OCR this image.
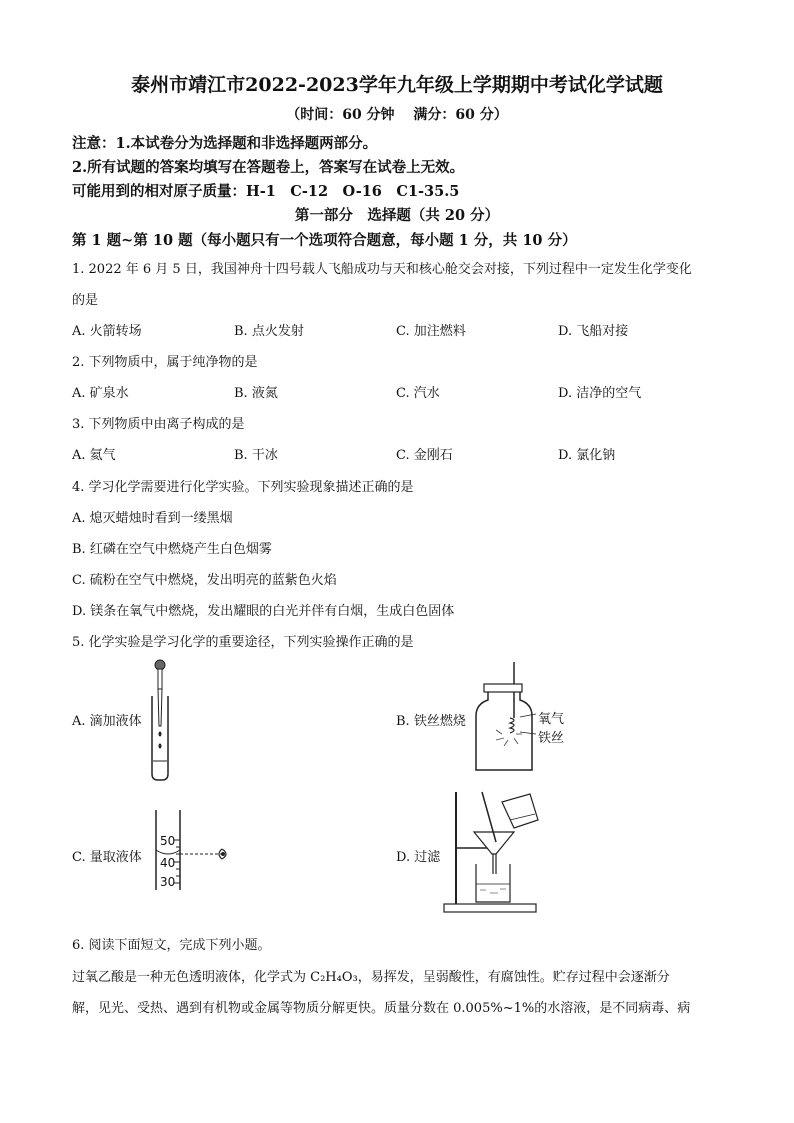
泰州市靖江市2022-2023学年九年级上学期期中考试化学试题
（时间：60 分钟　 满分：60 分）
注意：1.本试卷分为选择题和非选择题两部分。
2.所有试题的答案均填写在答题卷上，答案写在试卷上无效。
可能用到的相对原子质量：H-1　C-12　O-16　C1-35.5
第一部分　选择题（共 20 分）
第 1 题~第 10 题（每小题只有一个选项符合题意，每小题 1 分，共 10 分）
1. 2022 年 6 月 5 日，我国神舟十四号载人飞船成功与天和核心舱交会对接，下列过程中一定发生化学变化
的是
A. 火箭转场	B. 点火发射	C. 加注燃料	D. 飞船对接
2. 下列物质中，属于纯净物的是
A. 矿泉水	B. 液氮	C. 汽水	D. 洁净的空气
3. 下列物质中由离子构成的是
A. 氦气	B. 干冰	C. 金刚石	D. 氯化钠
4. 学习化学需要进行化学实验。下列实验现象描述正确的是
A. 熄灭蜡烛时看到一缕黑烟
B. 红磷在空气中燃烧产生白色烟雾
C. 硫粉在空气中燃烧，发出明亮的蓝紫色火焰
D. 镁条在氧气中燃烧，发出耀眼的白光并伴有白烟，生成白色固体
5. 化学实验是学习化学的重要途径，下列实验操作正确的是
A. 滴加液体	B. 铁丝燃烧	氧气
铁丝
C. 量取液体
50
40
30
D. 过滤
6. 阅读下面短文，完成下列小题。
过氧乙酸是一种无色透明液体，化学式为 C₂H₄O₃，易挥发，呈弱酸性，有腐蚀性。贮存过程中会逐渐分
解，见光、受热、遇到有机物或金属等物质分解更快。质量分数在 0.005%~1%的水溶液，是不同病毒、病
